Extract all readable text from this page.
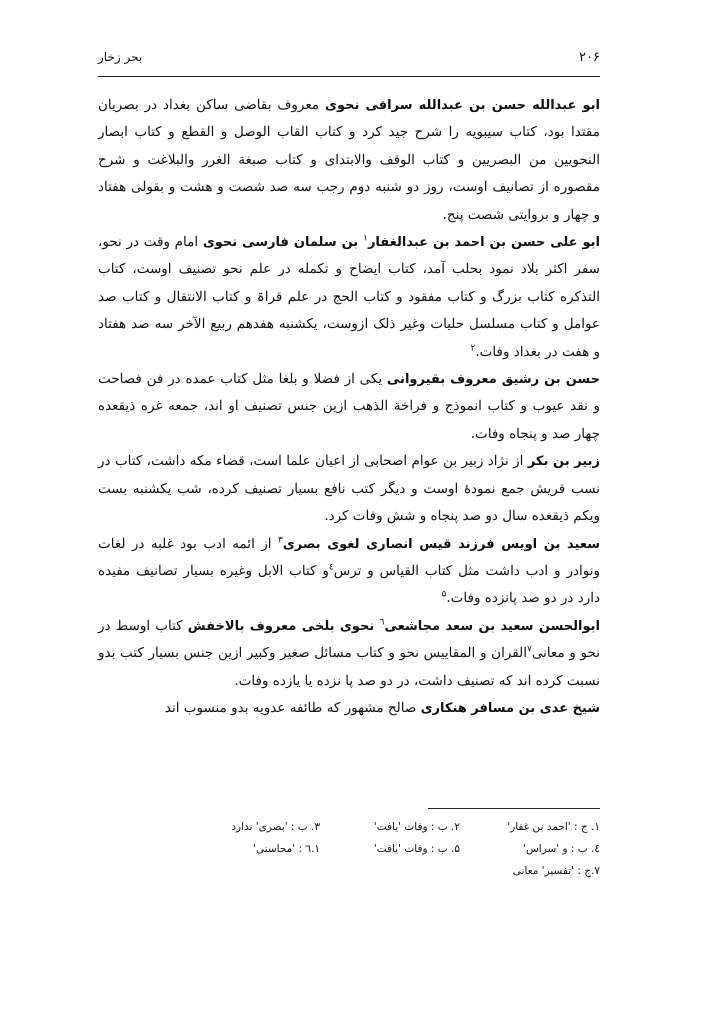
۲۰۶
بحر زخار

ابو عبدالله حسن بن عبدالله سرافی نحوی معروف بقاضی ساکن بغداد در بصریان مقتدا بود، کتاب سیبویه را شرح جید کرد و کتاب القاب الوصل و القطع و کتاب ابصار النحویین من البصریین و کتاب الوقف والابتدای و کتاب صبغة الغرر والبلاغت و شرح مقصوره از تصانیف اوست، روز دو شنبه دوم رجب سه صد شصت و هشت و بقولی هفتاد و چهار و بروایتی شصت پنج.

ابو علی حسن بن احمد بن عبدالغفار$^۱$ بن سلمان فارسی نحوی امام وقت در نحو، سفر اکثر بلاد نمود بحلب آمد، کتاب ایضاح و تکمله در علم نحو تصنیف اوست، کتاب التذکره کتاب بزرگ و کتاب مفقود و کتاب الحج در علم قراۃ و کتاب الانتقال و کتاب صد عوامل و کتاب مسلسل حلیات وغیر ذلک ازوست، یکشنبه هفدهم ربیع الآخر سه صد هفتاد و هفت در بغداد وفات.$^۲$

حسن بن رشیق معروف بقیروانی یکی از فضلا و بلغا مثل کتاب عمده در فن فصاحت و نقد عیوب و کتاب انموذج و فراخة الذهب ازین جنس تصنیف او اند، جمعه غره ذیقعده چهار صد و پنجاه وفات.

زبیر بن بکر از نژاد زبیر بن عوام اصحابی از اعیان علما است، قضاء مکه داشت، کتاب در نسب قریش جمع نمودۀ اوست و دیگر کتب نافع بسیار تصنیف کرده، شب یکشنبه بست ویکم ذیقعده سال دو صد پنجاه و شش وفات کرد.

سعید بن اویس فرزند قیس انصاری لغوی بصری$^۳$ از ائمه ادب بود غلبه در لغات ونوادر و ادب داشت مثل کتاب القیاس و ترس$^٤$و کتاب الابل وغیره بسیار تصانیف مفیده دارد در دو صد پانزده وفات.$^۵$

ابوالحسن سعید بن سعد مجاشعی$^٦$ نحوی بلخی معروف بالاخفش کتاب اوسط در نحو و معانی$^۷$القران و المقاییس نحو و کتاب مسائل صغیر وکبیر ازین جنس بسیار کتب بدو نسبت کرده اند که تصنیف داشت، در دو صد پا نزده یا یازده وفات.

شیخ عدی بن مسافر هنکاری صالح مشهور که طائفه عدویه بدو منسوب اند

۱. ج : 'احمد بن غفار'
۲. ب : وفات 'یافت'
۳. ب : 'بصری' ندارد
٤. ب : و 'سراس'
۵. ب : وفات 'یافت'
۱.٦ : 'محاسنی'
۷.ج : 'تفسیر' معانی
